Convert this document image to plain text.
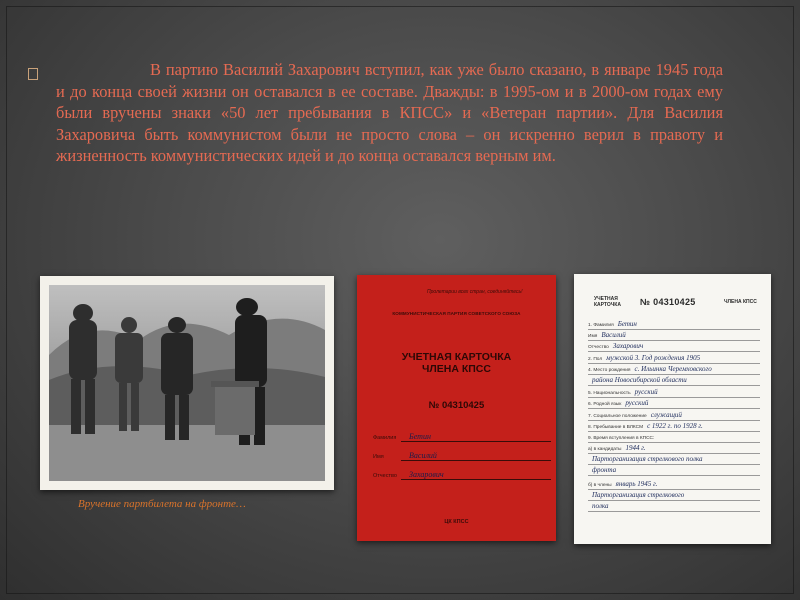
В партию Василий Захарович вступил, как уже было сказано, в январе 1945 года и до конца своей жизни он оставался в ее составе. Дважды: в 1995-ом и в 2000-ом годах ему были вручены знаки «50 лет пребывания в КПСС» и «Ветеран партии». Для Василия Захаровича быть коммунистом были не просто слова – он искренно верил в правоту и жизненность коммунистических идей и до конца оставался верным им.
Вручение партбилета на фронте…
Пролетарии всех стран, соединяйтесь!
КОММУНИСТИЧЕСКАЯ ПАРТИЯ СОВЕТСКОГО СОЮЗА
УЧЕТНАЯ КАРТОЧКА
ЧЛЕНА КПСС
№ 04310425
Фамилия Бетин
Имя	Василий
Отчество Захарович
ЦК КПСС
УЧЕТНАЯ
КАРТОЧКА № 04310425	ЧЛЕНА КПСС
1. Фамилия Бетин
Имя Василий
Отчество Захарович
2. Пол мужской 3. Год рождения 1905
4. Место рождения с. Ильинка Черемховского
района Новосибирской области
5. Национальность русский
6. Родной язык русский
7. Социальное положение служащий
8. Пребывание в ВЛКСМ с 1922 г. по 1928 г.
9. Время вступления в КПСС:
а) в кандидаты 1944 г.
Парторганизация стрелкового полка
фронта
б) в члены январь 1945 г.
Парторганизация стрелкового
полка
